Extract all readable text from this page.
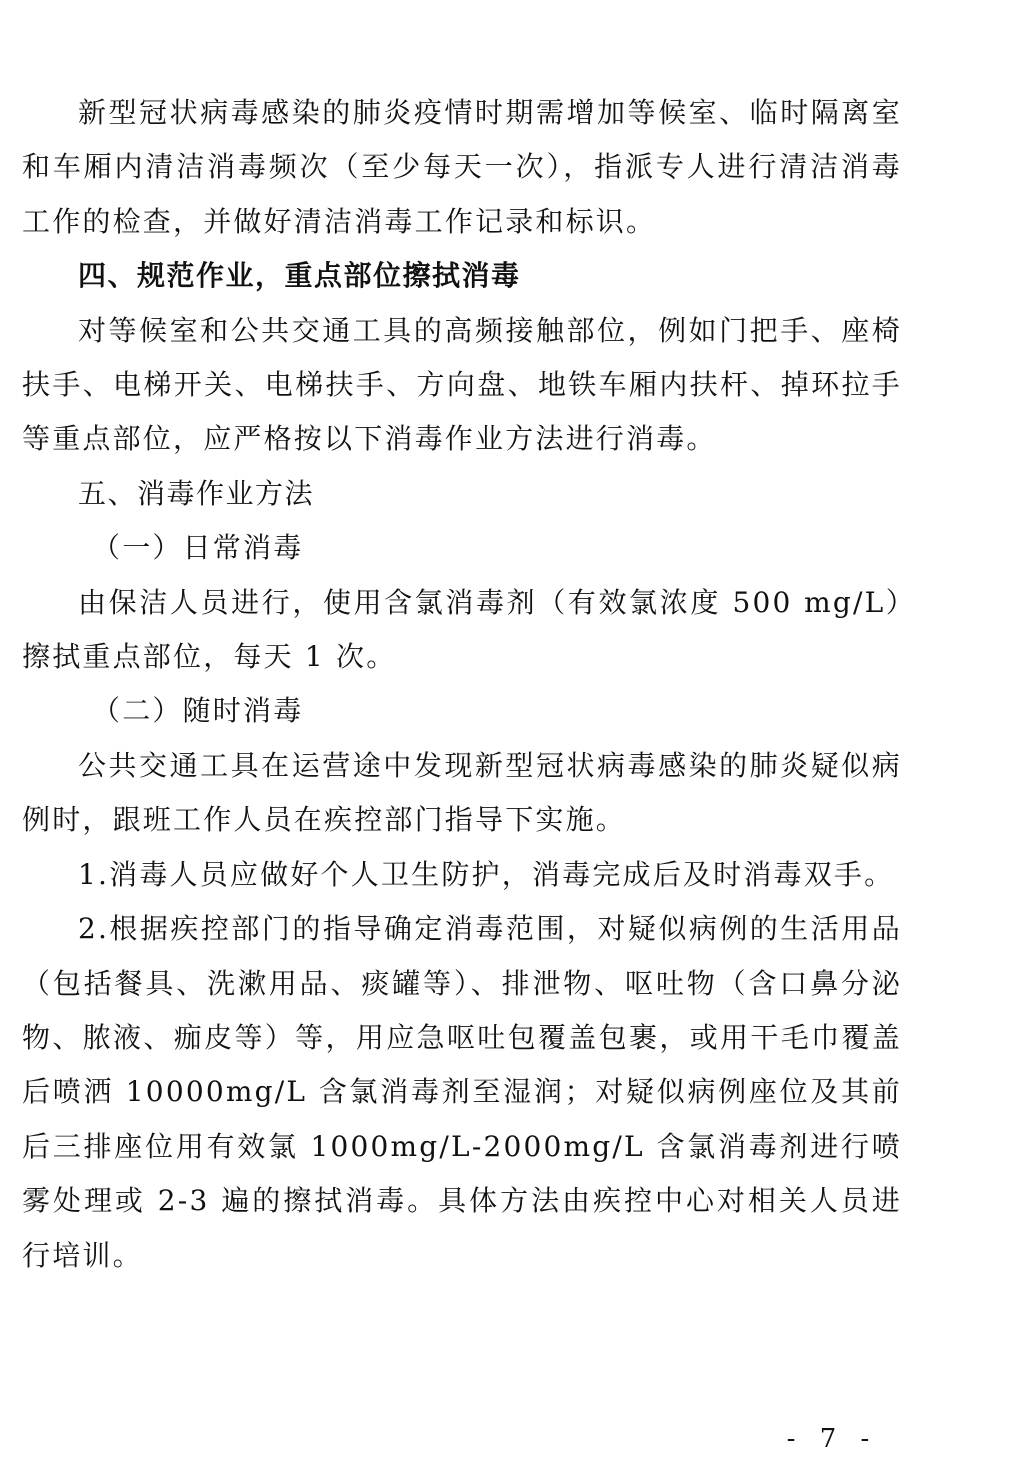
新型冠状病毒感染的肺炎疫情时期需增加等候室、临时隔离室和车厢内清洁消毒频次（至少每天一次），指派专人进行清洁消毒工作的检查，并做好清洁消毒工作记录和标识。

四、规范作业，重点部位擦拭消毒

对等候室和公共交通工具的高频接触部位，例如门把手、座椅扶手、电梯开关、电梯扶手、方向盘、地铁车厢内扶杆、掉环拉手等重点部位，应严格按以下消毒作业方法进行消毒。

五、消毒作业方法

（一）日常消毒

由保洁人员进行，使用含氯消毒剂（有效氯浓度 500 mg/L）擦拭重点部位，每天 1 次。

（二）随时消毒

公共交通工具在运营途中发现新型冠状病毒感染的肺炎疑似病例时，跟班工作人员在疾控部门指导下实施。

1.消毒人员应做好个人卫生防护，消毒完成后及时消毒双手。

2.根据疾控部门的指导确定消毒范围，对疑似病例的生活用品（包括餐具、洗漱用品、痰罐等）、排泄物、呕吐物（含口鼻分泌物、脓液、痂皮等）等，用应急呕吐包覆盖包裹，或用干毛巾覆盖后喷洒 10000mg/L 含氯消毒剂至湿润；对疑似病例座位及其前后三排座位用有效氯 1000mg/L-2000mg/L 含氯消毒剂进行喷雾处理或 2-3 遍的擦拭消毒。具体方法由疾控中心对相关人员进行培训。

- 7 -
